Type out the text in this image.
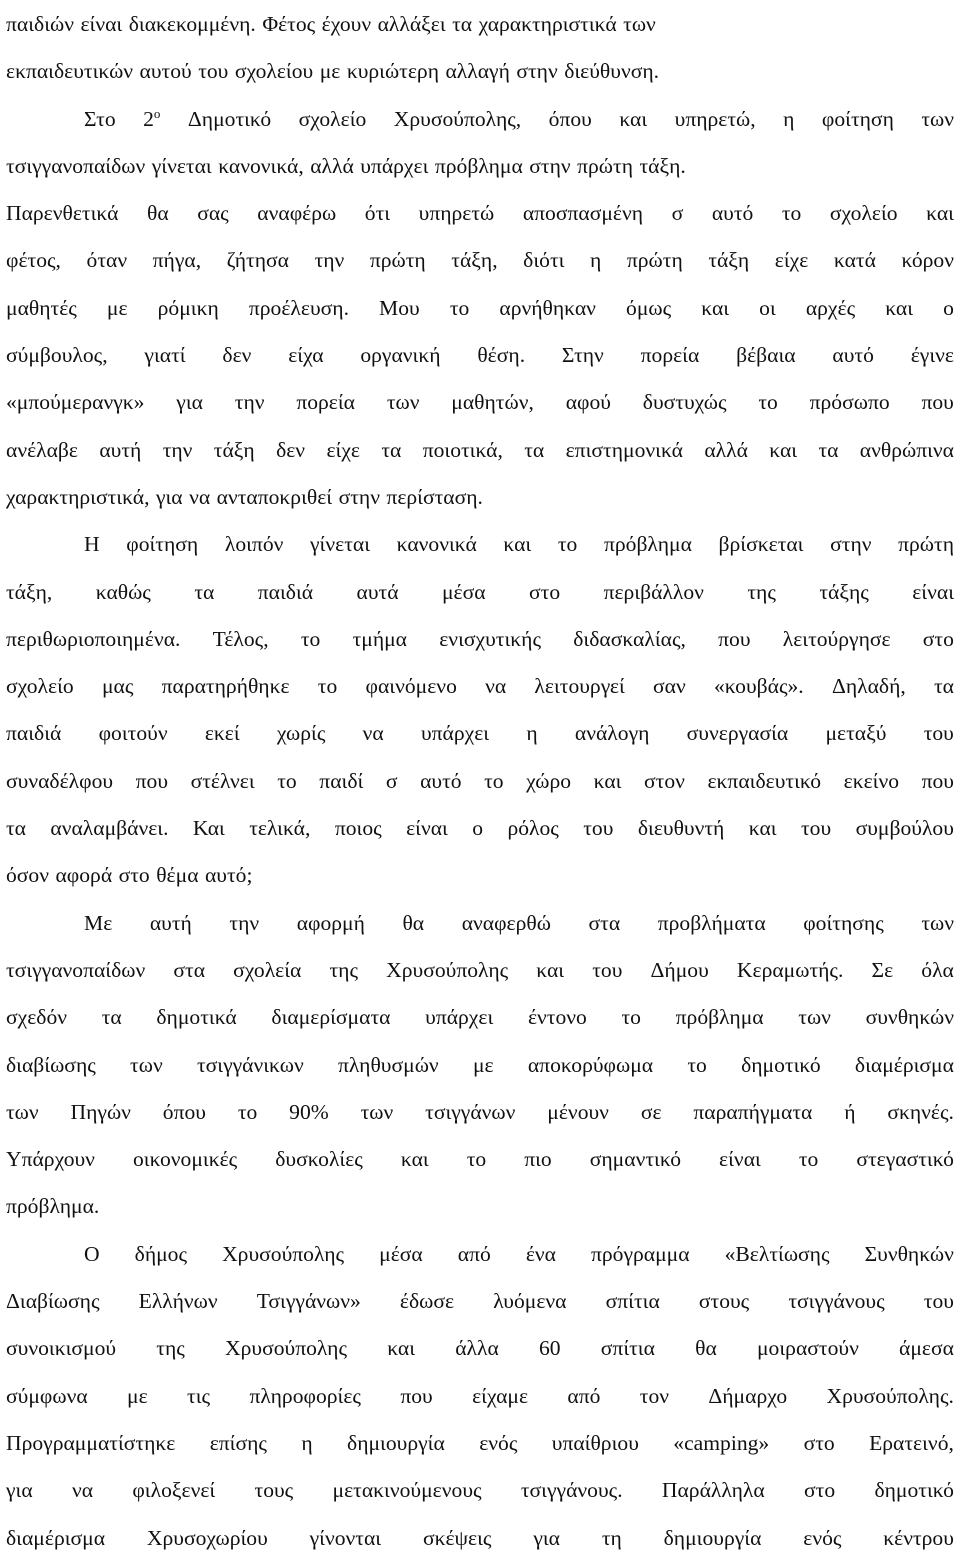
παιδιών είναι διακεκομμένη. Φέτος έχουν αλλάξει τα χαρακτηριστικά των
εκπαιδευτικών αυτού του σχολείου με κυριώτερη αλλαγή στην διεύθυνση.
Στο $2^o$ Δημοτικό σχολείο Χρυσούπολης, όπου και υπηρετώ, η φοίτηση των
τσιγγανοπαίδων γίνεται κανονικά, αλλά υπάρχει πρόβλημα στην πρώτη τάξη.
Παρενθετικά θα σας αναφέρω ότι υπηρετώ αποσπασμένη σ αυτό το σχολείο και
φέτος, όταν πήγα, ζήτησα την πρώτη τάξη, διότι η πρώτη τάξη είχε κατά κόρον
μαθητές με ρόμικη προέλευση. Μου το αρνήθηκαν όμως και οι αρχές και ο
σύμβουλος, γιατί δεν είχα οργανική θέση. Στην πορεία βέβαια αυτό έγινε
«μπούμερανγκ» για την πορεία των μαθητών, αφού δυστυχώς το πρόσωπο που
ανέλαβε αυτή την τάξη δεν είχε τα ποιοτικά, τα επιστημονικά αλλά και τα ανθρώπινα
χαρακτηριστικά, για να ανταποκριθεί στην περίσταση.
Η φοίτηση λοιπόν γίνεται κανονικά και το πρόβλημα βρίσκεται στην πρώτη
τάξη, καθώς τα παιδιά αυτά μέσα στο περιβάλλον της τάξης είναι
περιθωριοποιημένα. Τέλος, το τμήμα ενισχυτικής διδασκαλίας, που λειτούργησε στο
σχολείο μας παρατηρήθηκε το φαινόμενο να λειτουργεί σαν «κουβάς». Δηλαδή, τα
παιδιά φοιτούν εκεί χωρίς να υπάρχει η ανάλογη συνεργασία μεταξύ του
συναδέλφου που στέλνει το παιδί σ αυτό το χώρο και στον εκπαιδευτικό εκείνο που
τα αναλαμβάνει. Και τελικά, ποιος είναι ο ρόλος του διευθυντή και του συμβούλου
όσον αφορά στο θέμα αυτό;
Με αυτή την αφορμή θα αναφερθώ στα προβλήματα φοίτησης των
τσιγγανοπαίδων στα σχολεία της Χρυσούπολης και του Δήμου Κεραμωτής. Σε όλα
σχεδόν τα δημοτικά διαμερίσματα υπάρχει έντονο το πρόβλημα των συνθηκών
διαβίωσης των τσιγγάνικων πληθυσμών με αποκορύφωμα το δημοτικό διαμέρισμα
των Πηγών όπου το 90% των τσιγγάνων μένουν σε παραπήγματα ή σκηνές.
Υπάρχουν οικονομικές δυσκολίες και το πιο σημαντικό είναι το στεγαστικό
πρόβλημα.
Ο δήμος Χρυσούπολης μέσα από ένα πρόγραμμα «Βελτίωσης Συνθηκών
Διαβίωσης Ελλήνων Τσιγγάνων» έδωσε λυόμενα σπίτια στους τσιγγάνους του
συνοικισμού της Χρυσούπολης και άλλα 60 σπίτια θα μοιραστούν άμεσα
σύμφωνα με τις πληροφορίες που είχαμε από τον Δήμαρχο Χρυσούπολης.
Προγραμματίστηκε επίσης η δημιουργία ενός υπαίθριου «camping» στο Ερατεινό,
για να φιλοξενεί τους μετακινούμενους τσιγγάνους. Παράλληλα στο δημοτικό
διαμέρισμα Χρυσοχωρίου γίνονται σκέψεις για τη δημιουργία ενός κέντρου
